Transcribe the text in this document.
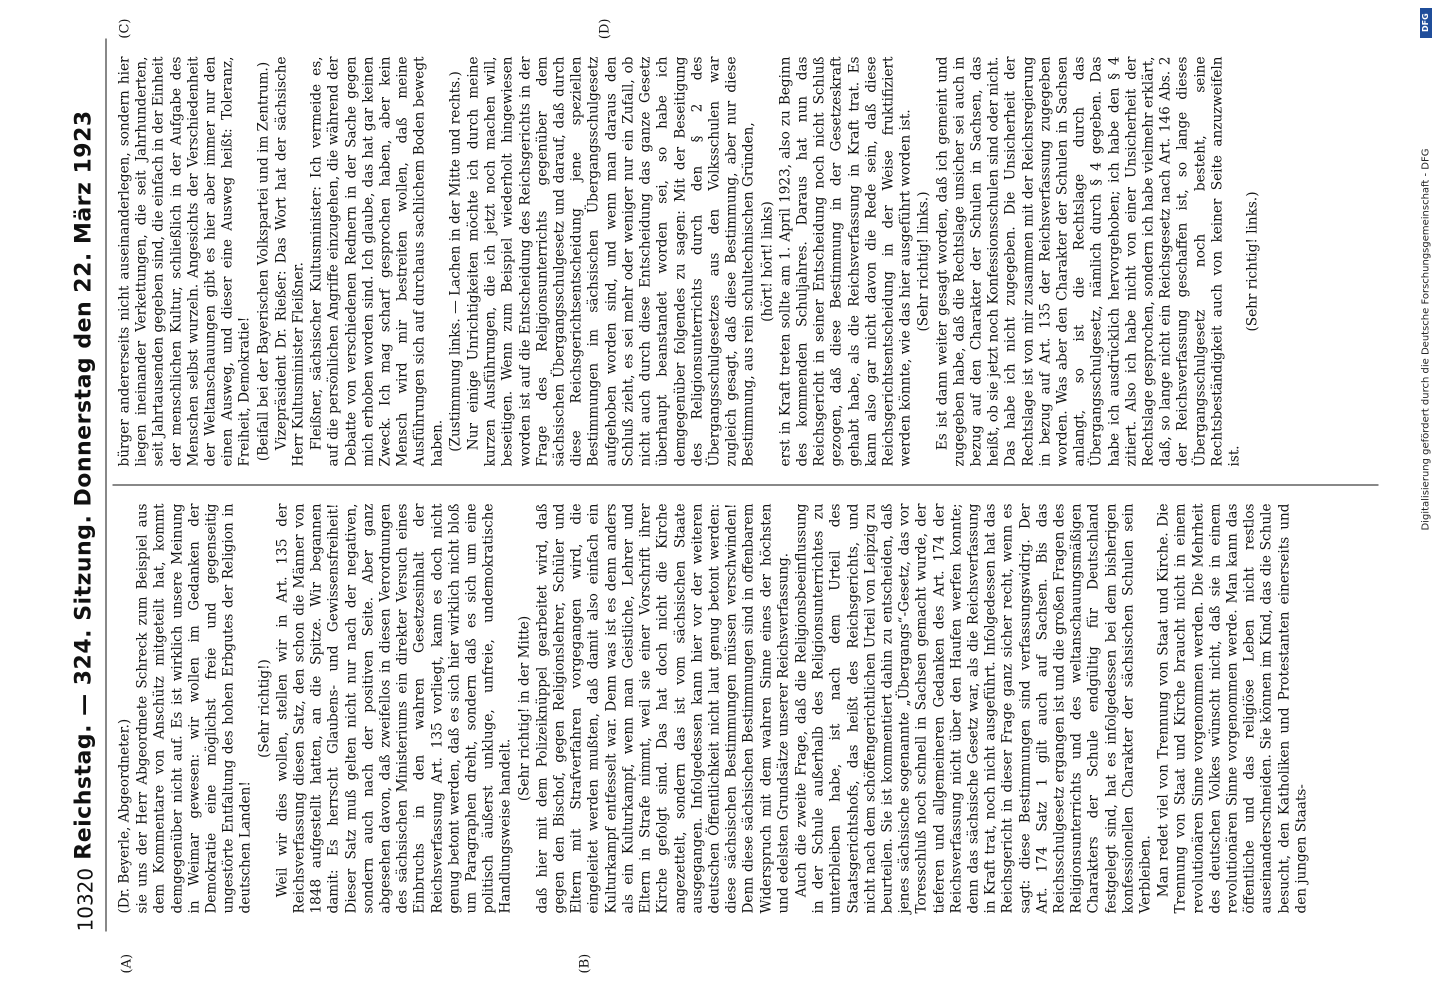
10320
Reichstag. — 324. Sitzung. Donnerstag den 22. März 1923
(A)	(B)
(C)	(D)

(Dr. Beyerle, Abgeordneter.) sie uns der Herr Abgeordnete Schreck zum Beispiel aus dem Kommentare von Anschütz mitgeteilt hat, kommt demgegenüber nicht auf. Es ist wirklich unsere Meinung in Weimar gewesen: wir wollen im Gedanken der Demokratie eine möglichst freie und gegenseitig ungestörte Entfaltung des hohen Erbgutes der Religion in deutschen Landen!

(Sehr richtig!) Weil wir dies wollen, stellen wir in Art. 135 der Reichsverfassung diesen Satz, den schon die Männer von 1848 aufgestellt hatten, an die Spitze. Wir begannen damit: Es herrscht Glaubens- und Gewissensfreiheit! Dieser Satz muß gelten nicht nur nach der negativen, sondern auch nach der positiven Seite. Aber ganz abgesehen davon, daß zweifellos in diesen Verordnungen des sächsischen Ministeriums ein direkter Versuch eines Einbruchs in den wahren Gesetzesinhalt der Reichsverfassung Art. 135 vorliegt, kann es doch nicht genug betont werden, daß es sich hier wirklich nicht bloß um Paragraphen dreht, sondern daß es sich um eine politisch äußerst unkluge, unfreie, undemokratische Handlungsweise handelt.

(Sehr richtig! in der Mitte) daß hier mit dem Polizeiknüppel gearbeitet wird, daß gegen den Bischof, gegen Religionslehrer, Schüler und Eltern mit Strafverfahren vorgegangen wird, die eingeleitet werden mußten, daß damit also einfach ein Kulturkampf entfesselt war. Denn was ist es denn anders als ein Kulturkampf, wenn man Geistliche, Lehrer und Eltern in Strafe nimmt, weil sie einer Vorschrift ihrer Kirche gefolgt sind. Das hat doch nicht die Kirche angezettelt, sondern das ist vom sächsischen Staate ausgegangen. Infolgedessen kann hier vor der weiteren deutschen Öffentlichkeit nicht laut genug betont werden: diese sächsischen Bestimmungen müssen verschwinden! Denn diese sächsischen Bestimmungen sind in offenbarem Widerspruch mit dem wahren Sinne eines der höchsten und edelsten Grundsätze unserer Reichsverfassung. Auch die zweite Frage, daß die Religionsbeeinflussung in der Schule außerhalb des Religionsunterrichtes zu unterbleiben habe, ist nach dem Urteil des Staatsgerichtshofs, das heißt des Reichsgerichts, und nicht nach dem schöffengerichtlichen Urteil von Leipzig zu beurteilen. Sie ist kommentiert dahin zu entscheiden, daß jenes sächsische sogenannte „Übergangs“-Gesetz, das vor Toresschluß noch schnell in Sachsen gemacht wurde, der tieferen und allgemeineren Gedanken des Art. 174 der Reichsverfassung nicht über den Haufen werfen konnte; denn das sächsische Gesetz war, als die Reichsverfassung in Kraft trat, noch nicht ausgeführt. Infolgedessen hat das Reichsgericht in dieser Frage ganz sicher recht, wenn es sagt: diese Bestimmungen sind verfassungswidrig. Der Art. 174 Satz 1 gilt auch auf Sachsen. Bis das Reichsschulgesetz ergangen ist und die großen Fragen des Religionsunterrichts und des weltanschauungsmäßigen Charakters der Schule endgültig für Deutschland festgelegt sind, hat es infolgedessen bei dem bisherigen konfessionellen Charakter der sächsischen Schulen sein Verbleiben. Man redet viel von Trennung von Staat und Kirche. Die Trennung von Staat und Kirche braucht nicht in einem revolutionären Sinne vorgenommen werden. Die Mehrheit des deutschen Volkes wünscht nicht, daß sie in einem revolutionären Sinne vorgenommen werde. Man kann das öffentliche und das religiöse Leben nicht restlos auseinanderschneiden. Sie können im Kind, das die Schule besucht, den Katholiken und Protestanten einerseits und den jungen Staats-

bürger andererseits nicht auseinanderlegen, sondern hier liegen ineinander Verkettungen, die seit Jahrhunderten, seit Jahrtausenden gegeben sind, die einfach in der Einheit der menschlichen Kultur, schließlich in der Aufgabe des Menschen selbst wurzeln. Angesichts der Verschiedenheit der Weltanschauungen gibt es hier aber immer nur den einen Ausweg, und dieser eine Ausweg heißt: Toleranz, Freiheit, Demokratie! (Beifall bei der Bayerischen Volkspartei und im Zentrum.) Vizepräsident Dr. Rießer: Das Wort hat der sächsische Herr Kultusminister Fleißner. Fleißner, sächsischer Kultusminister: Ich vermeide es, auf die persönlichen Angriffe einzugehen, die während der Debatte von verschiedenen Rednern in der Sache gegen mich erhoben worden sind. Ich glaube, das hat gar keinen Zweck. Ich mag scharf gesprochen haben, aber kein Mensch wird mir bestreiten wollen, daß meine Ausführungen sich auf durchaus sachlichem Boden bewegt haben. (Zustimmung links. — Lachen in der Mitte und rechts.) Nur einige Unrichtigkeiten möchte ich durch meine kurzen Ausführungen, die ich jetzt noch machen will, beseitigen. Wenn zum Beispiel wiederholt hingewiesen worden ist auf die Entscheidung des Reichsgerichts in der Frage des Religionsunterrichts gegenüber dem sächsischen Übergangsschulgesetz und darauf, daß durch diese Reichsgerichtsentscheidung jene speziellen Bestimmungen im sächsischen Übergangsschulgesetz aufgehoben worden sind, und wenn man daraus den Schluß zieht, es sei mehr oder weniger nur ein Zufall, ob nicht auch durch diese Entscheidung das ganze Gesetz überhaupt beanstandet worden sei, so habe ich demgegenüber folgendes zu sagen: Mit der Beseitigung des Religionsunterrichts durch den § 2 des Übergangsschulgesetzes aus den Volksschulen war zugleich gesagt, daß diese Bestimmung, aber nur diese Bestimmung, aus rein schultechnischen Gründen, (hört! hört! links) erst in Kraft treten sollte am 1. April 1923, also zu Beginn des kommenden Schuljahres. Daraus hat nun das Reichsgericht in seiner Entscheidung noch nicht Schluß gezogen, daß diese Bestimmung in der Gesetzeskraft gehabt habe, als die Reichsverfassung in Kraft trat. Es kann also gar nicht davon die Rede sein, daß diese Reichsgerichtsentscheidung in der Weise fruktifiziert werden könnte, wie das hier ausgeführt worden ist. (Sehr richtig! links.) Es ist dann weiter gesagt worden, daß ich gemeint und zugegeben habe, daß die Rechtslage unsicher sei auch in bezug auf den Charakter der Schulen in Sachsen, das heißt, ob sie jetzt noch Konfessionsschulen sind oder nicht. Das habe ich nicht zugegeben. Die Unsicherheit der Rechtslage ist von mir zusammen mit der Reichsregierung in bezug auf Art. 135 der Reichsverfassung zugegeben worden. Was aber den Charakter der Schulen in Sachsen anlangt, so ist die Rechtslage durch das Übergangsschulgesetz, nämlich durch § 4 gegeben. Das habe ich ausdrücklich hervorgehoben; ich habe den § 4 zitiert. Also ich habe nicht von einer Unsicherheit der Rechtslage gesprochen, sondern ich habe vielmehr erklärt, daß, so lange nicht ein Reichsgesetz nach Art. 146 Abs. 2 der Reichsverfassung geschaffen ist, so lange dieses Übergangsschulgesetz noch besteht, seine Rechtsbeständigkeit auch von keiner Seite anzuzweifeln ist.

(Sehr richtig! links.)

DFG
Digitalisierung gefördert durch die Deutsche Forschungsgemeinschaft - DFG
